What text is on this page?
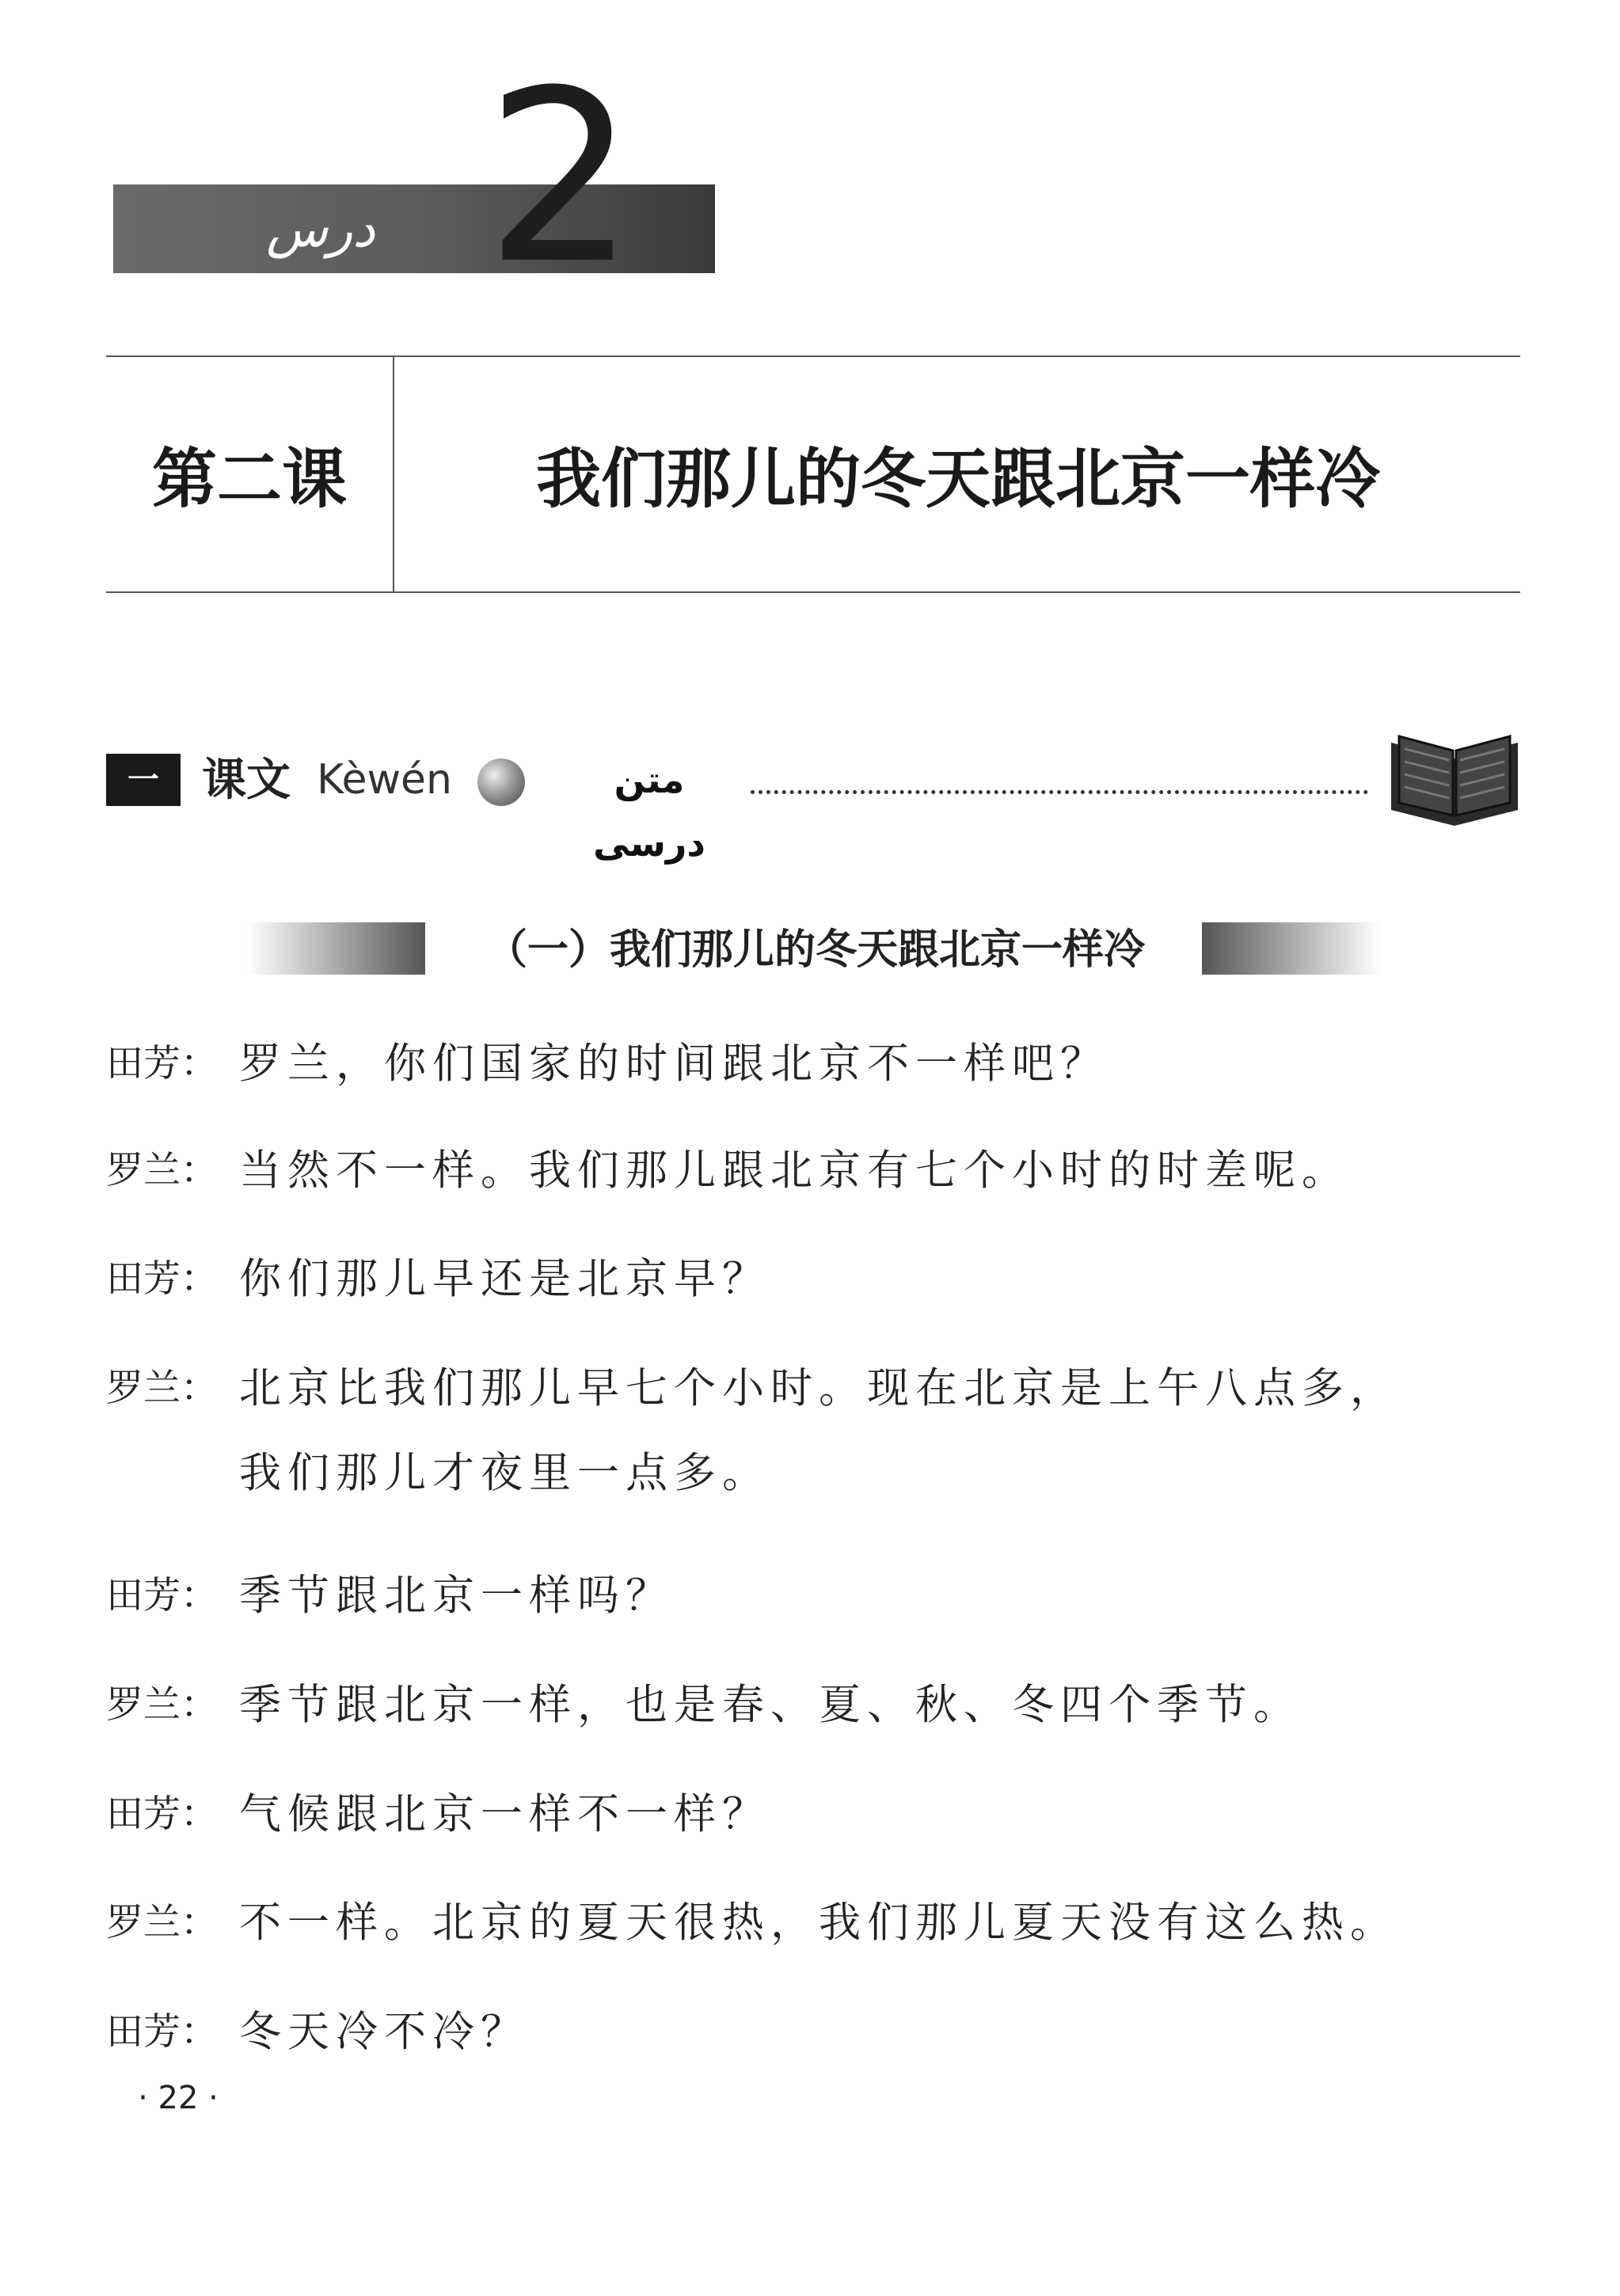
درس 2
第二课	我们那儿的冬天跟北京一样冷
一 课文 Kèwén	متن درسی
（一）我们那儿的冬天跟北京一样冷
田芳： 罗兰，你们国家的时间跟北京不一样吧？
罗兰： 当然不一样。我们那儿跟北京有七个小时的时差呢。
田芳： 你们那儿早还是北京早？
罗兰： 北京比我们那儿早七个小时。现在北京是上午八点多，
我们那儿才夜里一点多。
田芳： 季节跟北京一样吗？
罗兰： 季节跟北京一样，也是春、夏、秋、冬四个季节。
田芳： 气候跟北京一样不一样？
罗兰： 不一样。北京的夏天很热，我们那儿夏天没有这么热。
田芳： 冬天冷不冷？
· 22 ·
